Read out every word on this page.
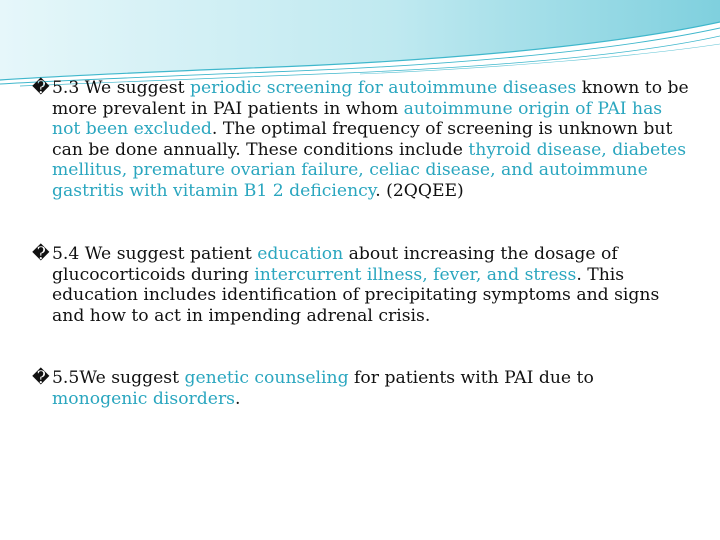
� 5.3 We suggest periodic screening for autoimmune diseases known to be more prevalent in PAI patients in whom autoimmune origin of PAI has not been excluded. The optimal frequency of screening is unknown but can be done annually. These conditions include thyroid disease, diabetes mellitus, premature ovarian failure, celiac disease, and autoimmune gastritis with vitamin B1 2 deficiency. (2QQEE)

� 5.4 We suggest patient education about increasing the dosage of glucocorticoids during intercurrent illness, fever, and stress. This education includes identification of precipitating symptoms and signs and how to act in impending adrenal crisis.

� 5.5We suggest genetic counseling for patients with PAI due to monogenic disorders.
